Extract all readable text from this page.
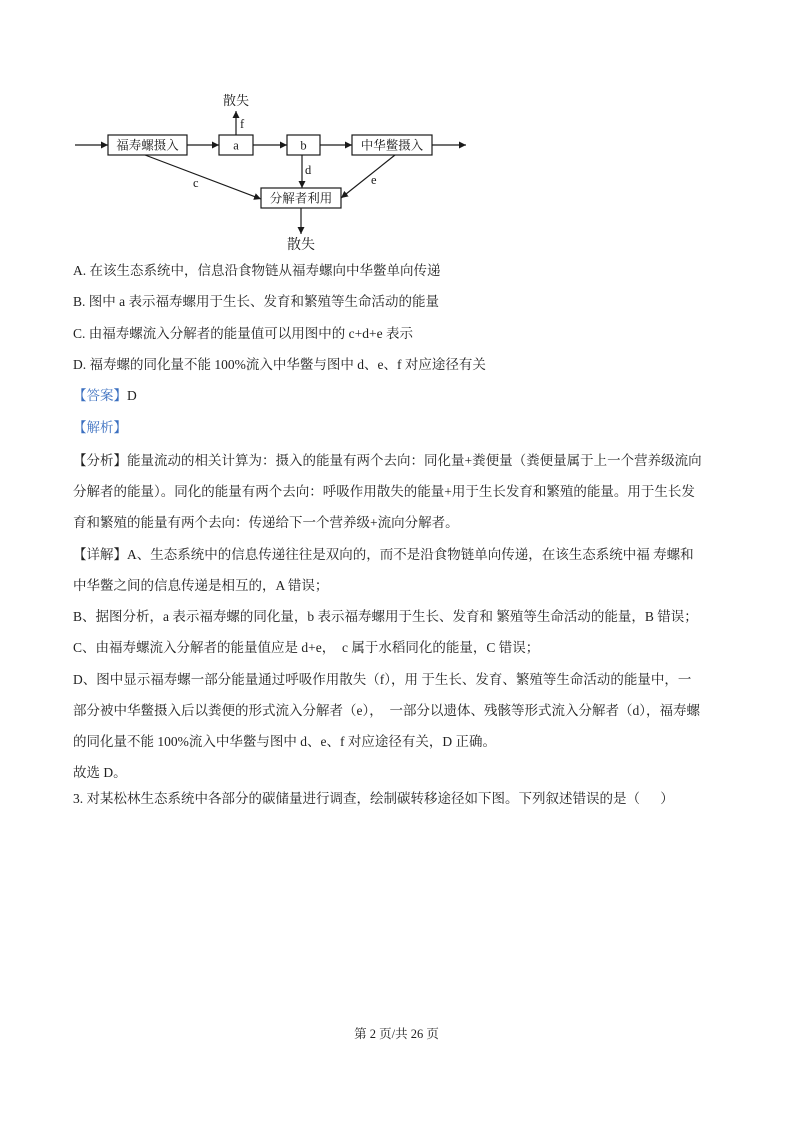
散失
福寿螺摄入	a	b	中华鳖摄入
分解者利用
f
c
d
e
散失
A. 在该生态系统中，信息沿食物链从福寿螺向中华鳖单向传递
B. 图中 a 表示福寿螺用于生长、发育和繁殖等生命活动的能量
C. 由福寿螺流入分解者的能量值可以用图中的 c+d+e 表示
D. 福寿螺的同化量不能 100%流入中华鳖与图中 d、e、f 对应途径有关
【答案】D
【解析】
【分析】能量流动的相关计算为：摄入的能量有两个去向：同化量+粪便量（粪便量属于上一个营养级流向
分解者的能量）。同化的能量有两个去向：呼吸作用散失的能量+用于生长发育和繁殖的能量。用于生长发
育和繁殖的能量有两个去向：传递给下一个营养级+流向分解者。
【详解】A、生态系统中的信息传递往往是双向的，而不是沿食物链单向传递，在该生态系统中福 寿螺和
中华鳖之间的信息传递是相互的，A 错误；
B、据图分析，a 表示福寿螺的同化量，b 表示福寿螺用于生长、发育和 繁殖等生命活动的能量，B 错误；
C、由福寿螺流入分解者的能量值应是 d+e，  c 属于水稻同化的能量，C 错误；
D、图中显示福寿螺一部分能量通过呼吸作用散失（f），用 于生长、发育、繁殖等生命活动的能量中，一
部分被中华鳖摄入后以粪便的形式流入分解者（e），  一部分以遗体、残骸等形式流入分解者（d），福寿螺
的同化量不能 100%流入中华鳖与图中 d、e、f 对应途径有关，D 正确。
故选 D。
3. 对某松林生态系统中各部分的碳储量进行调查，绘制碳转移途径如下图。下列叙述错误的是（      ）
第 2 页/共 26 页
